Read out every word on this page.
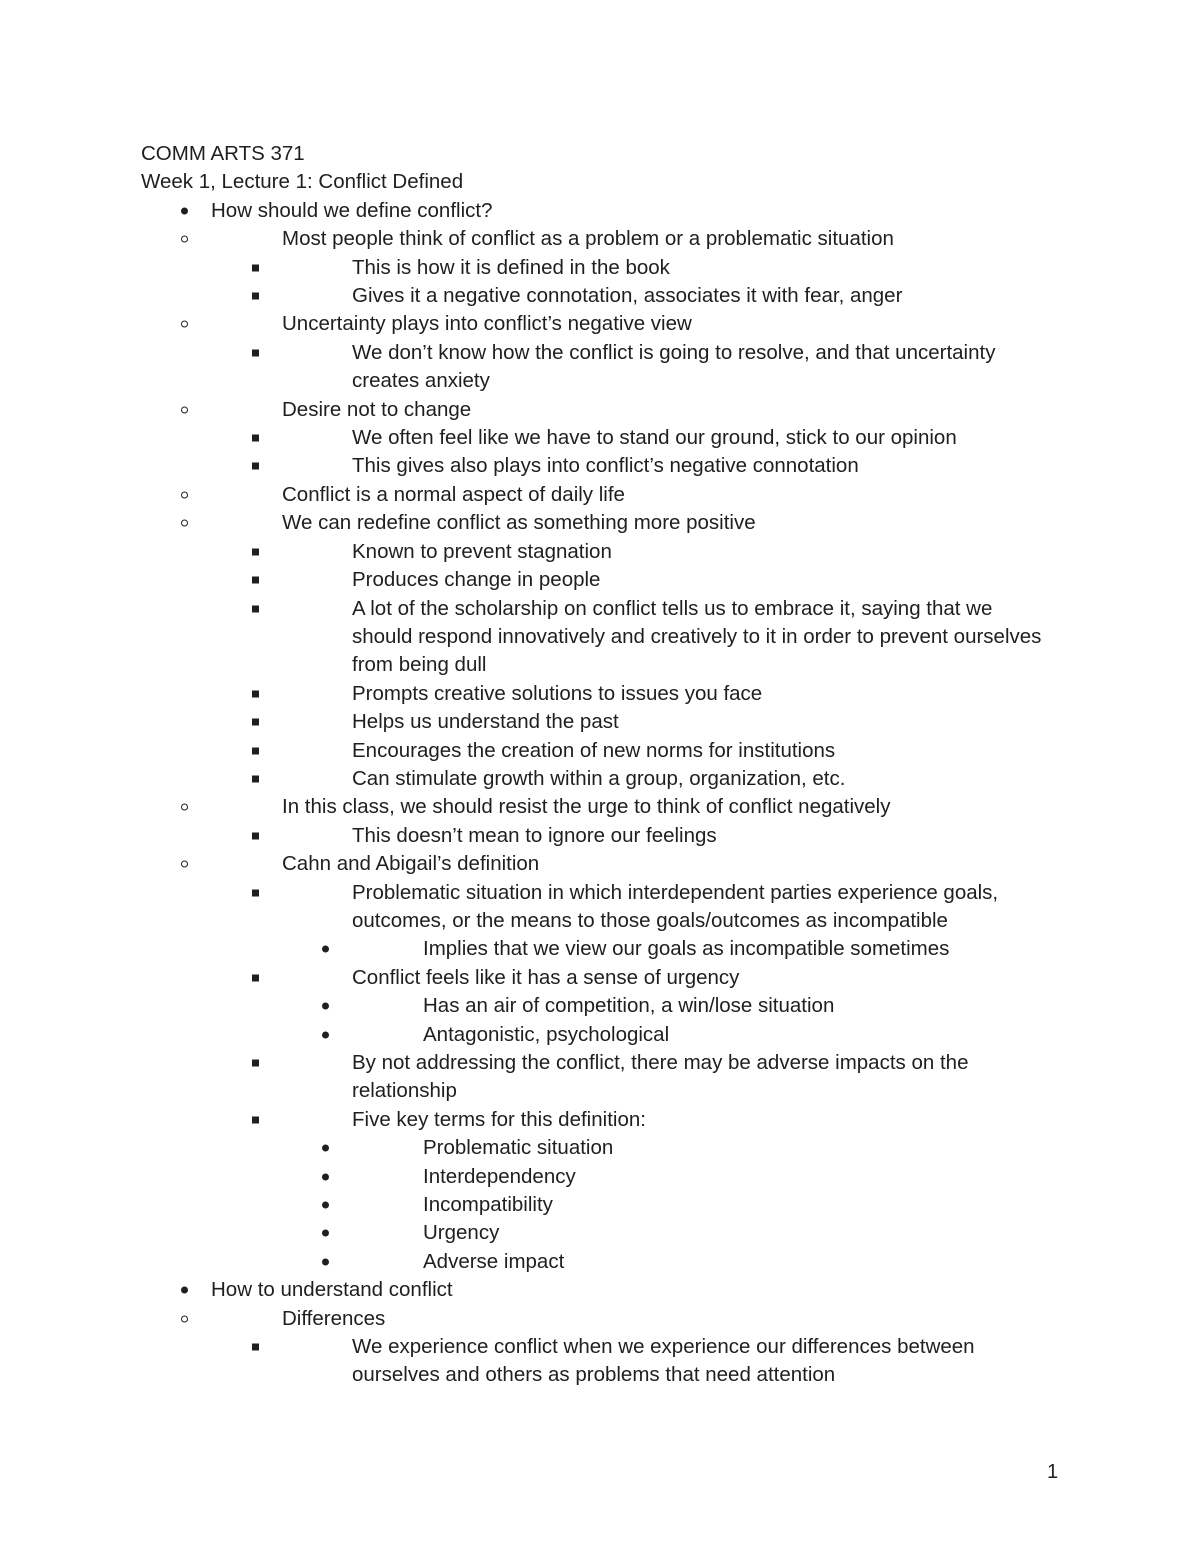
COMM ARTS 371

Week 1, Lecture 1: Conflict Defined

How should we define conflict?
Most people think of conflict as a problem or a problematic situation
This is how it is defined in the book
Gives it a negative connotation, associates it with fear, anger
Uncertainty plays into conflict’s negative view
We don’t know how the conflict is going to resolve, and that uncertainty creates anxiety
Desire not to change
We often feel like we have to stand our ground, stick to our opinion
This gives also plays into conflict’s negative connotation
Conflict is a normal aspect of daily life
We can redefine conflict as something more positive
Known to prevent stagnation
Produces change in people
A lot of the scholarship on conflict tells us to embrace it, saying that we should respond innovatively and creatively to it in order to prevent ourselves from being dull
Prompts creative solutions to issues you face
Helps us understand the past
Encourages the creation of new norms for institutions
Can stimulate growth within a group, organization, etc.
In this class, we should resist the urge to think of conflict negatively
This doesn’t mean to ignore our feelings
Cahn and Abigail’s definition
Problematic situation in which interdependent parties experience goals, outcomes, or the means to those goals/outcomes as incompatible
Implies that we view our goals as incompatible sometimes
Conflict feels like it has a sense of urgency
Has an air of competition, a win/lose situation
Antagonistic, psychological
By not addressing the conflict, there may be adverse impacts on the relationship
Five key terms for this definition:
Problematic situation
Interdependency
Incompatibility
Urgency
Adverse impact
How to understand conflict
Differences
We experience conflict when we experience our differences between ourselves and others as problems that need attention
1
